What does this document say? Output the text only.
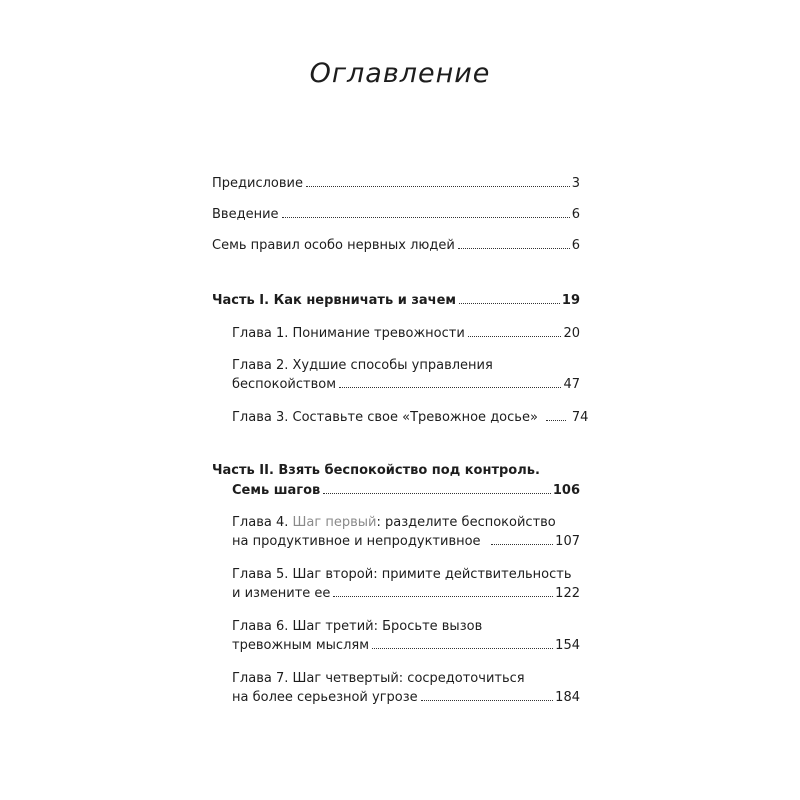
Оглавление
Предисловие	3
Введение	6
Семь правил особо нервных людей	6
Часть I. Как нервничать и зачем	19
Глава 1. Понимание тревожности	20
Глава 2. Худшие способы управления
беспокойством	47
Глава 3. Составьте свое «Тревожное досье»	74
Часть II. Взять беспокойство под контроль.
Семь шагов	106
Глава 4. Шаг первый: разделите беспокойство
на продуктивное и непродуктивное	107
Глава 5. Шаг второй: примите действительность
и измените ее	122
Глава 6. Шаг третий: Бросьте вызов
тревожным мыслям	154
Глава 7. Шаг четвертый: сосредоточиться
на более серьезной угрозе	184
